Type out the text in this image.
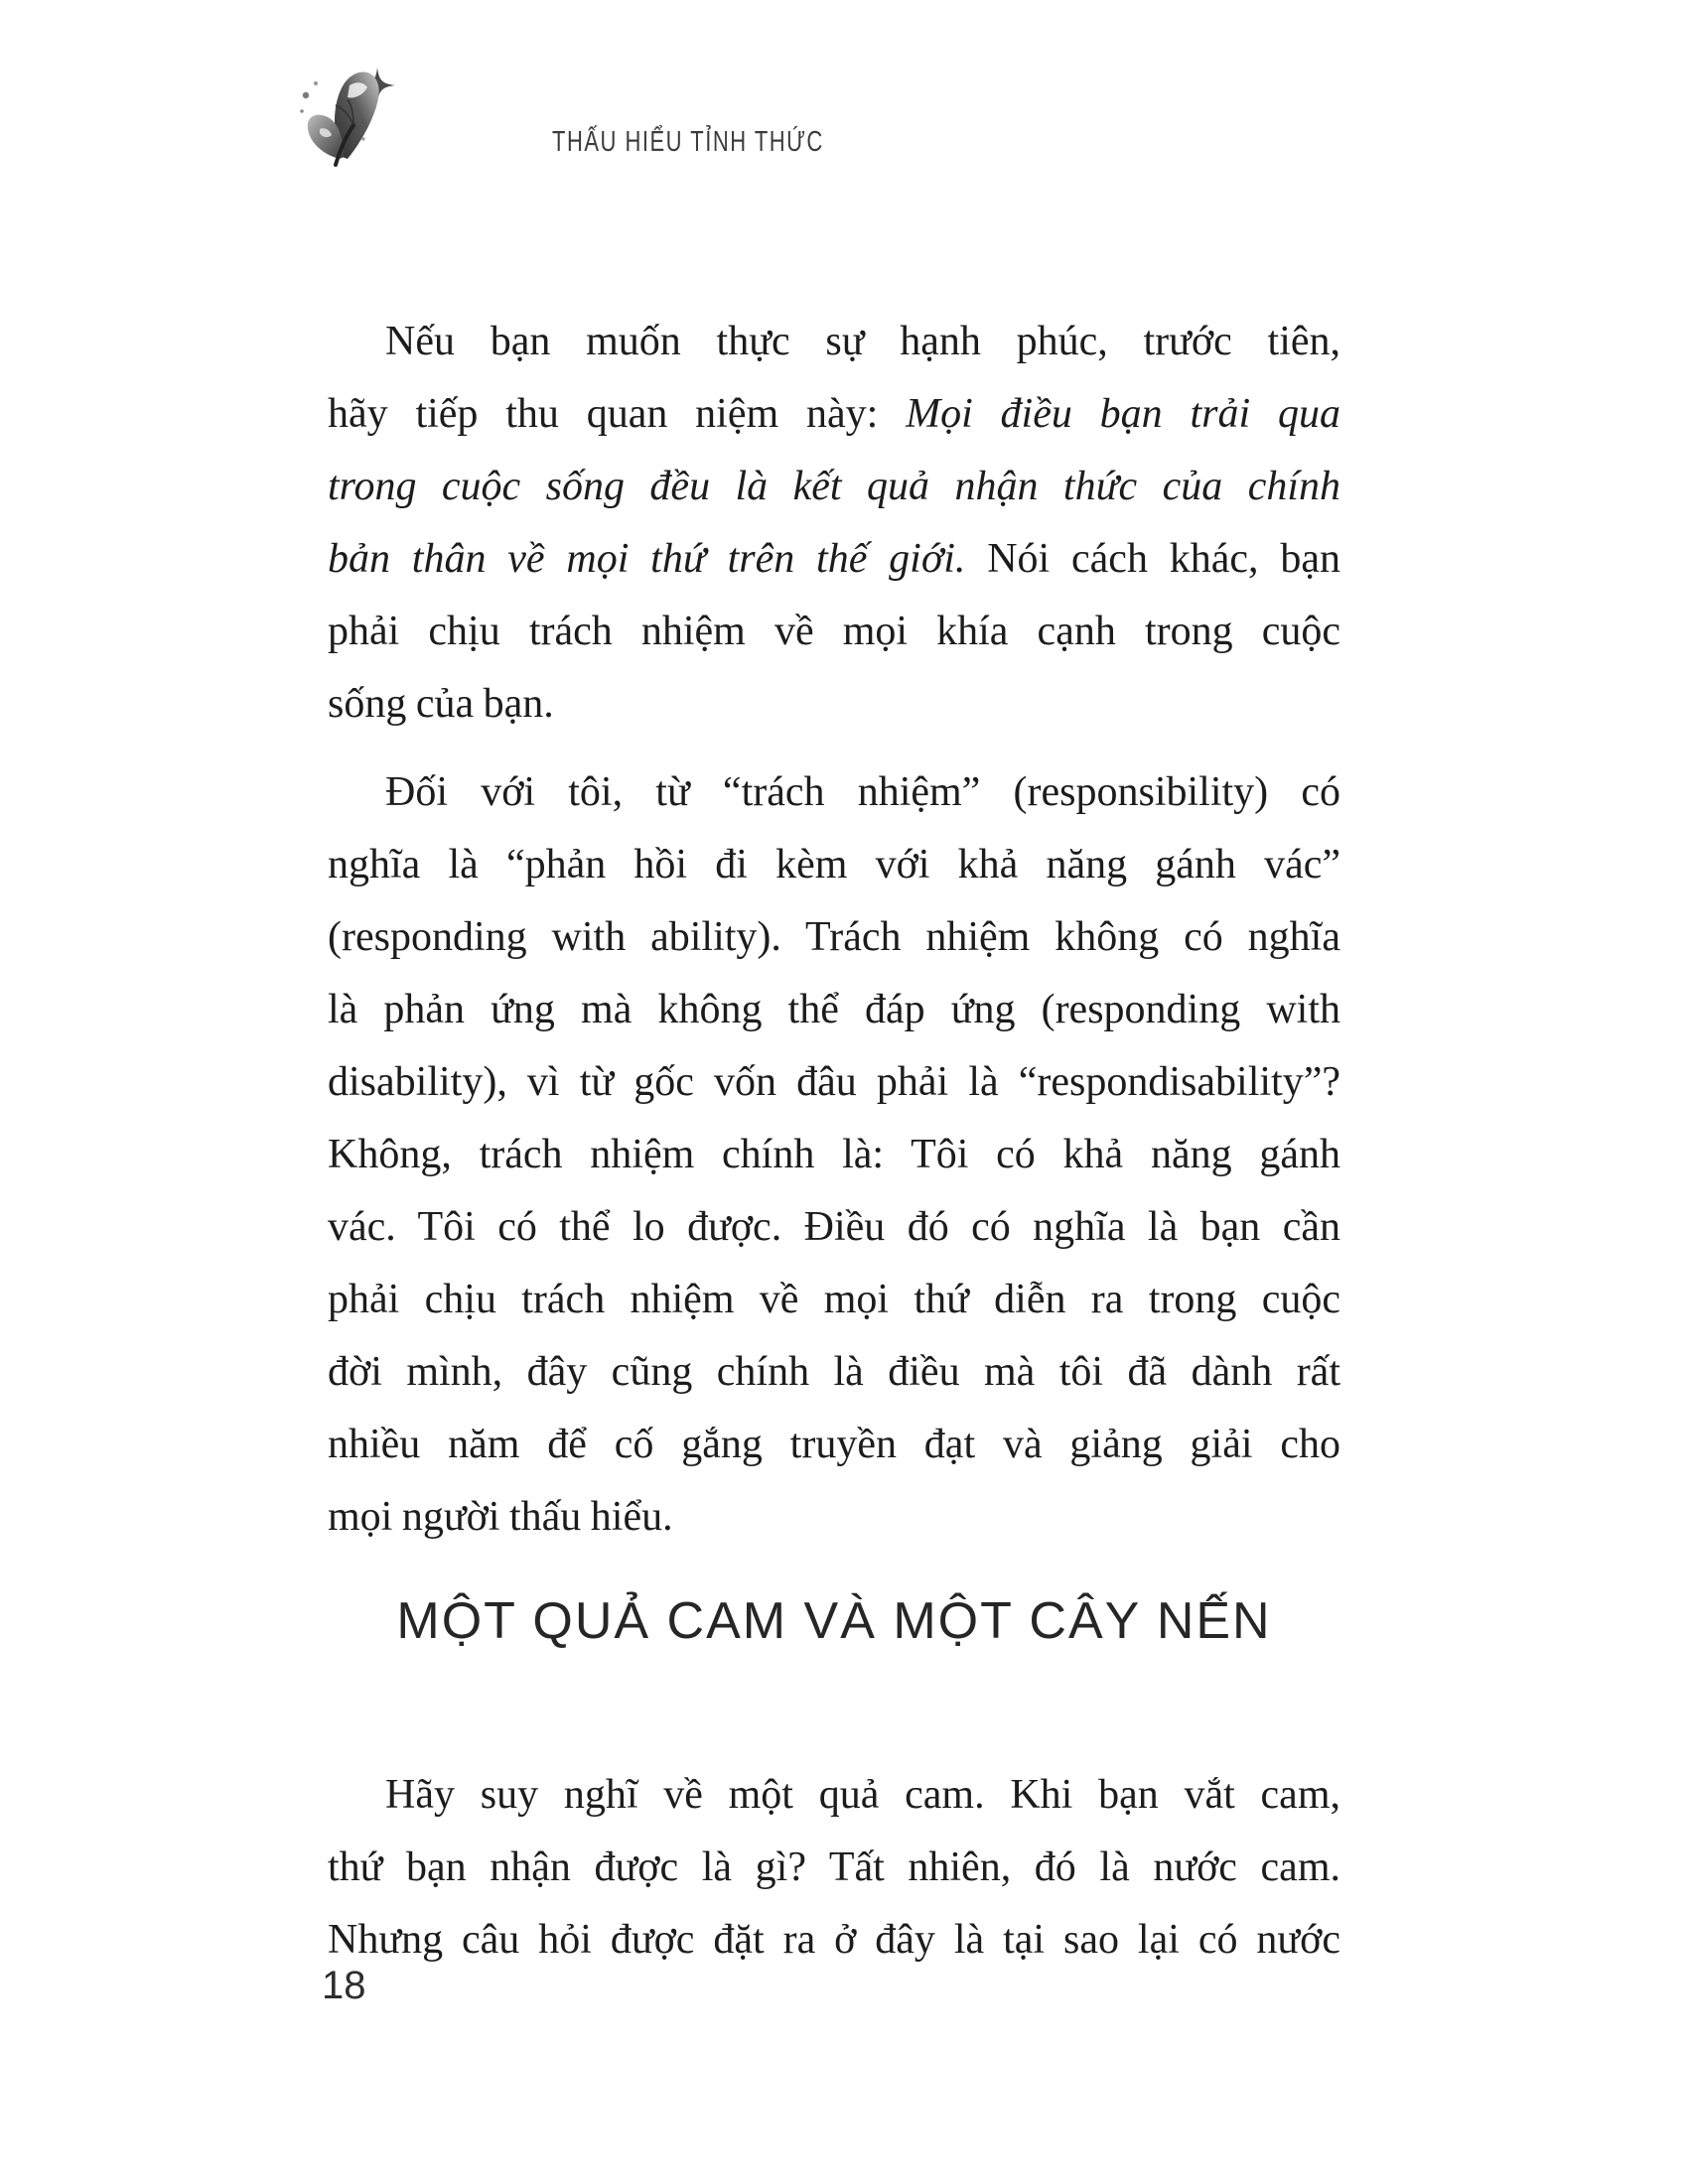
THẤU HIỂU TỈNH THỨC
Nếu bạn muốn thực sự hạnh phúc, trước tiên,
hãy tiếp thu quan niệm này: Mọi điều bạn trải qua
trong cuộc sống đều là kết quả nhận thức của chính
bản thân về mọi thứ trên thế giới. Nói cách khác, bạn
phải chịu trách nhiệm về mọi khía cạnh trong cuộc
sống của bạn.
Đối với tôi, từ “trách nhiệm” (responsibility) có
nghĩa là “phản hồi đi kèm với khả năng gánh vác”
(responding with ability). Trách nhiệm không có nghĩa
là phản ứng mà không thể đáp ứng (responding with
disability), vì từ gốc vốn đâu phải là “respondisability”?
Không, trách nhiệm chính là: Tôi có khả năng gánh
vác. Tôi có thể lo được. Điều đó có nghĩa là bạn cần
phải chịu trách nhiệm về mọi thứ diễn ra trong cuộc
đời mình, đây cũng chính là điều mà tôi đã dành rất
nhiều năm để cố gắng truyền đạt và giảng giải cho
mọi người thấu hiểu.
MỘT QUẢ CAM VÀ MỘT CÂY NẾN
Hãy suy nghĩ về một quả cam. Khi bạn vắt cam,
thứ bạn nhận được là gì? Tất nhiên, đó là nước cam.
Nhưng câu hỏi được đặt ra ở đây là tại sao lại có nước
18
